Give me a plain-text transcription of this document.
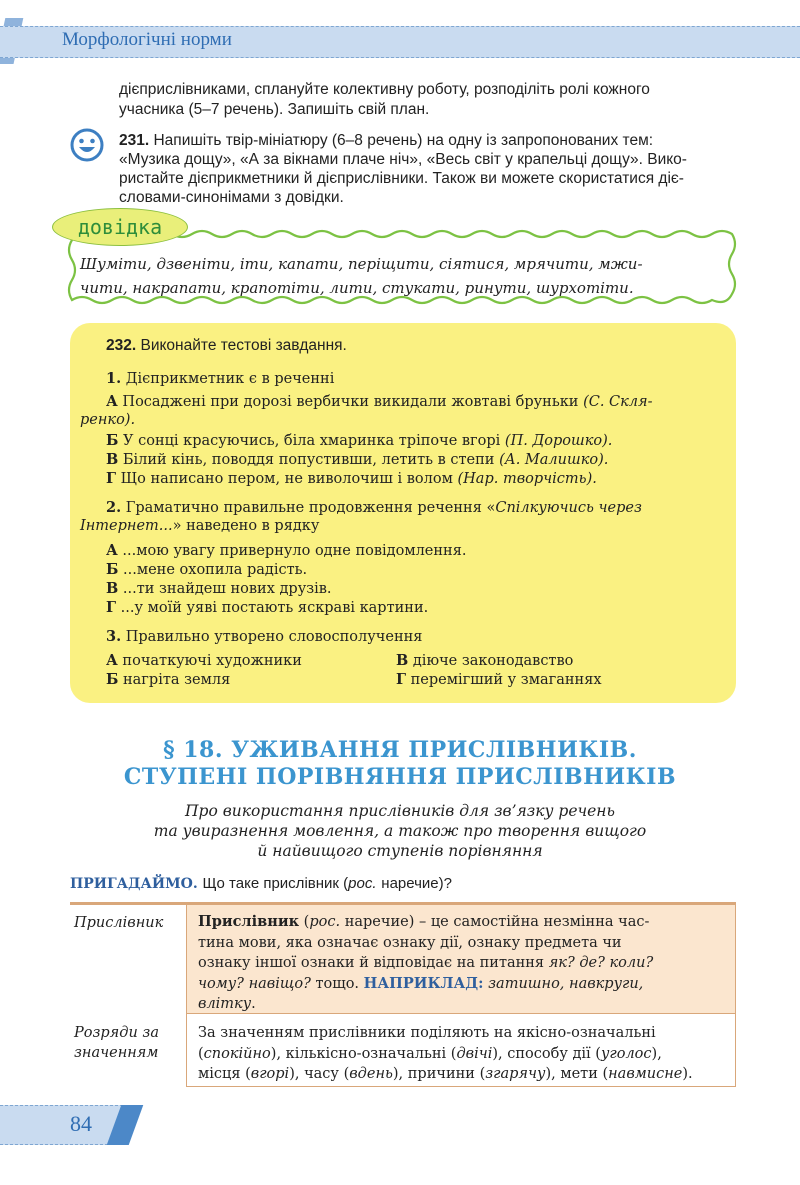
Морфологічні норми
дієприслівниками, сплануйте колективну роботу, розподіліть ролі кожного
учасника (5–7 речень). Запишіть свій план.
231. Напишіть твір-мініатюру (6–8 речень) на одну із запропонованих тем:
«Музика дощу», «А за вікнами плаче ніч», «Весь світ у крапельці дощу». Вико-
ристайте дієприкметники й дієприслівники. Також ви можете скористатися діє-
словами-синонімами з довідки.
довідка
Шуміти, дзвеніти, іти, капати, періщити, сіятися, мрячити, мжи-
чити, накрапати, крапотіти, лити, стукати, ринути, шурхотіти.
232. Виконайте тестові завдання.
1. Дієприкметник є в реченні
А Посаджені при дорозі вербички викидали жовтаві бруньки (С. Скля-
ренко).
Б У сонці красуючись, біла хмаринка тріпоче вгорі (П. Дорошко).
В Білий кінь, поводдя попустивши, летить в степи (А. Малишко).
Г Що написано пером, не виволочиш і волом (Нар. творчість).
2. Граматично правильне продовження речення «Спілкуючись через
Інтернет...» наведено в рядку
А ...мою увагу привернуло одне повідомлення.
Б ...мене охопила радість.
В ...ти знайдеш нових друзів.
Г ...у моїй уяві постають яскраві картини.
3. Правильно утворено словосполучення
А початкуючі художники	В діюче законодавство
Б нагріта земля	Г перемігший у змаганнях
§ 18. УЖИВАННЯ ПРИСЛІВНИКІВ.
СТУПЕНІ ПОРІВНЯННЯ ПРИСЛІВНИКІВ
Про використання прислівників для зв’язку речень
та увиразнення мовлення, а також про творення вищого
й найвищого ступенів порівняння
ПРИГАДАЙМО. Що таке прислівник (рос. наречие)?
Прислівник
Розряди за
значенням
Прислівник (рос. наречие) – це самостійна незмінна час-
тина мови, яка означає ознаку дії, ознаку предмета чи
ознаку іншої ознаки й відповідає на питання як? де? коли?
чому? навіщо? тощо. НАПРИКЛАД: затишно, навкруги,
влітку.
За значенням прислівники поділяють на якісно-означальні
(спокійно), кількісно-означальні (двічі), способу дії (уголос),
місця (вгорі), часу (вдень), причини (згарячу), мети (навмисне).
84
